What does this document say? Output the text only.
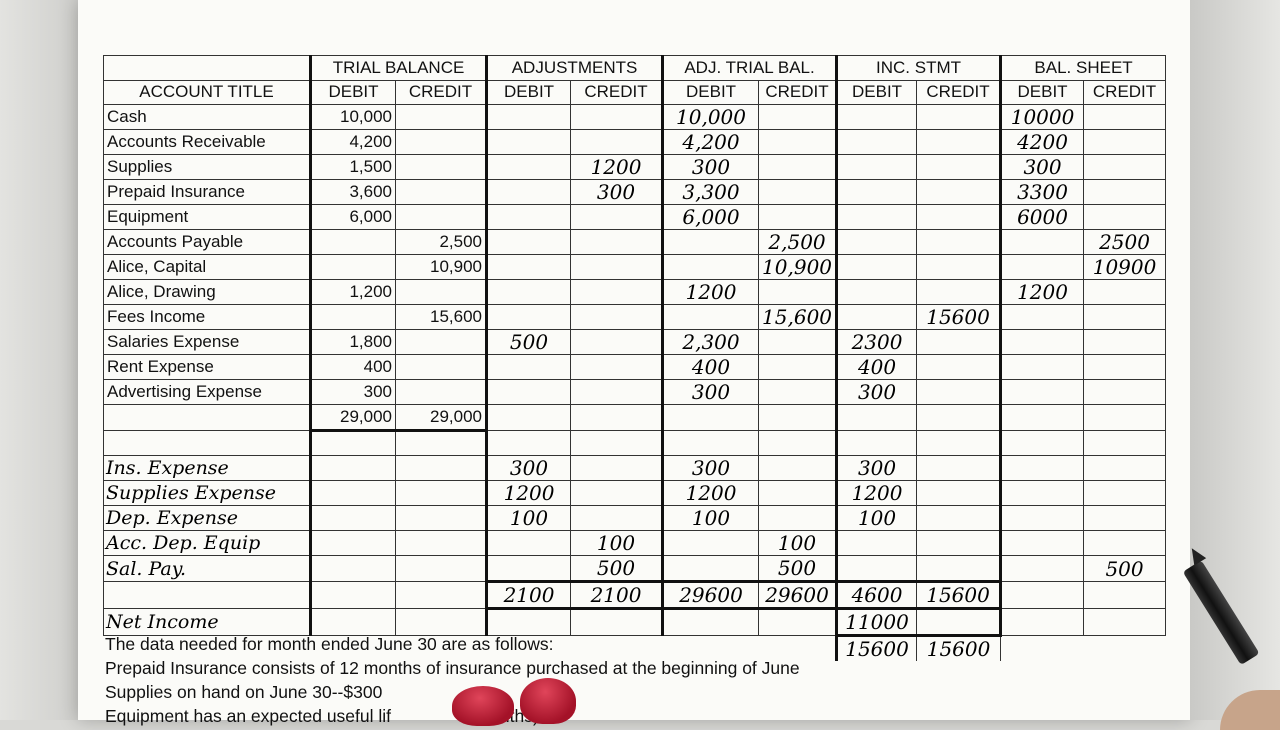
	TRIAL BALANCE		ADJUSTMENTS		ADJ. TRIAL BAL.		INC. STMT		BAL. SHEET	
ACCOUNT TITLE	DEBIT	CREDIT	DEBIT	CREDIT	DEBIT	CREDIT	DEBIT	CREDIT	DEBIT	CREDIT
Cash	10,000				10,000				10000	
Accounts Receivable	4,200				4,200				4200	
Supplies	1,500			1200	300				300	
Prepaid Insurance	3,600			300	3,300				3300	
Equipment	6,000				6,000				6000	
Accounts Payable		2,500				2,500				2500
Alice, Capital		10,900				10,900				10900
Alice, Drawing	1,200				1200				1200	
Fees Income		15,600				15,600		15600		
Salaries Expense	1,800		500		2,300		2300			
Rent Expense	400				400		400			
Advertising Expense	300				300		300			
	29,000	29,000								

Ins. Expense			300		300		300			
Supplies Expense			1200		1200		1200			
Dep. Expense			100		100		100			
Acc. Dep. Equip				100		100				
Sal. Pay.				500		500				500
			2100	2100	29600	29600	4600	15600		
Net Income							11000			
							15600	15600		
The data needed for month ended June 30 are as follows:
Prepaid Insurance consists of 12 months of insurance purchased at the beginning of June
Supplies on hand on June 30--$300
Equipment has an expected useful lif
